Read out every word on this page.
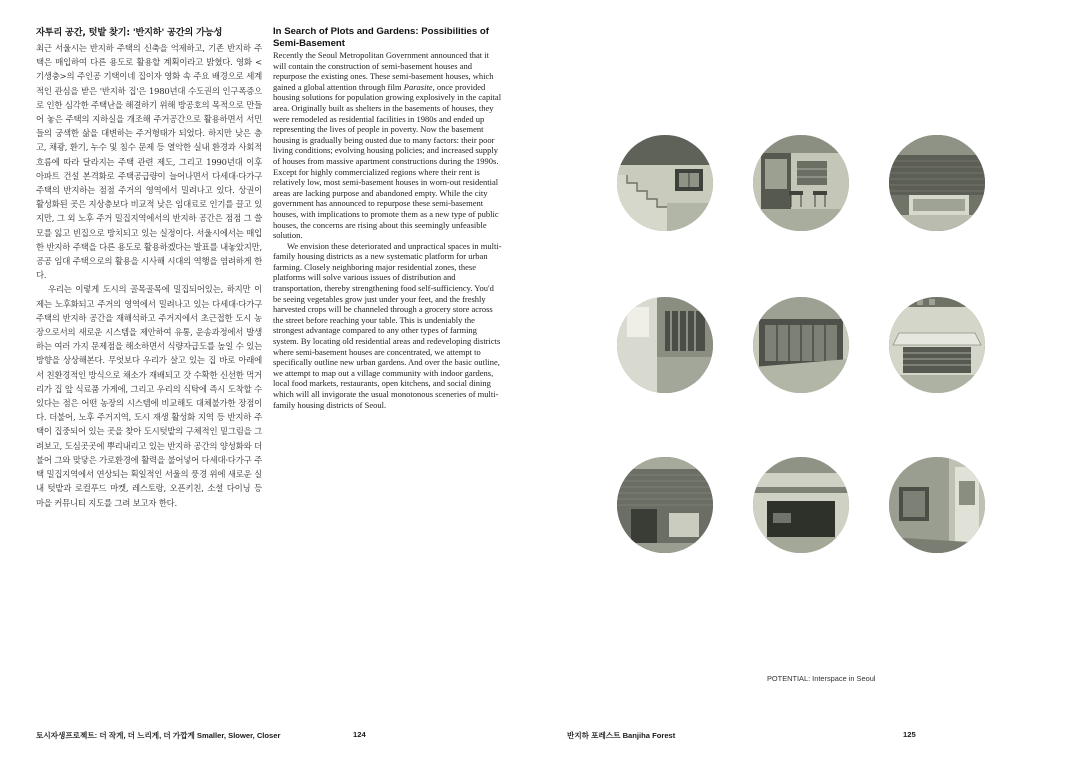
자투리 공간, 텃밭 찾기: '반지하' 공간의 가능성

최근 서울시는 반지하 주택의 신축을 억제하고, 기존 반지하 주택은 매입하여 다른 용도로 활용할 계획이라고 밝혔다. 영화 <기생충>의 주인공 기택이네 집이자 영화 속 주요 배경으로 세계적인 관심을 받은 '반지하 집'은 1980년대 수도권의 인구폭증으로 인한 심각한 주택난을 해결하기 위해 방공호의 목적으로 만들어 놓은 주택의 지하실을 개조해 주거공간으로 활용하면서 서민들의 궁색한 삶을 대변하는 주거형태가 되었다. 하지만 낮은 층고, 채광, 환기, 누수 및 침수 문제 등 열악한 실내 환경과 사회적 흐름에 따라 달라지는 주택 관련 제도, 그리고 1990년대 이후 아파트 건설 본격화로 주택공급량이 늘어나면서 다세대·다가구 주택의 반지하는 점점 주거의 영역에서 밀려나고 있다. 상권이 활성화된 곳은 지상층보다 비교적 낮은 임대료로 인기를 끌고 있지만, 그 외 노후 주거 밀집지역에서의 반지하 공간은 점점 그 쓸모를 잃고 빈집으로 방치되고 있는 실정이다. 서울시에서는 매입한 반지하 주택을 다른 용도로 활용하겠다는 발표를 내놓았지만, 공공 임대 주택으로의 활용을 시사해 시대의 역행을 염려하게 한다.

우리는 이렇게 도시의 골목골목에 밀집되어있는, 하지만 이제는 노후화되고 주거의 영역에서 밀려나고 있는 다세대·다가구 주택의 반지하 공간을 재해석하고 주거지에서 초근접한 도시 농장으로서의 새로운 시스템을 제안하여 유통, 운송과정에서 발생하는 여러 가지 문제점을 해소하면서 식량자급도를 높일 수 있는 방향을 상상해본다. 무엇보다 우리가 살고 있는 집 바로 아래에서 친환경적인 방식으로 채소가 재배되고 갓 수확한 신선한 먹거리가 집 앞 식료품 가게에, 그리고 우리의 식탁에 즉시 도착할 수 있다는 점은 어떤 농장의 시스템에 비교해도 대체불가한 장점이다. 더불어, 노후 주거지역, 도시 재생 활성화 지역 등 반지하 주택이 집중되어 있는 곳을 찾아 도시텃밭의 구체적인 밑그림을 그려보고, 도심곳곳에 뿌리내리고 있는 반지하 공간의 양성화와 더불어 그와 맞닿은 가로환경에 활력을 불어넣어 다세대·다가구 주택 밀집지역에서 연상되는 획일적인 서울의 풍경 위에 새로운 실내 텃밭과 로컬푸드 마켓, 레스토랑, 오픈키친, 소셜 다이닝 등 마을 커뮤니티 지도를 그려 보고자 한다.

In Search of Plots and Gardens: Possibilities of Semi-Basement

Recently the Seoul Metropolitan Government announced that it will contain the construction of semi-basement houses and repurpose the existing ones. These semi-basement houses, which gained a global attention through film Parasite, once provided housing solutions for population growing explosively in the capital area. Originally built as shelters in the basements of houses, they were remodeled as residential facilities in 1980s and ended up representing the lives of people in poverty. Now the basement housing is gradually being ousted due to many factors: their poor living conditions; evolving housing policies; and increased supply of houses from massive apartment constructions during the 1990s. Except for highly commercialized regions where their rent is relatively low, most semi-basement houses in worn-out residential areas are lacking purpose and abandoned empty. While the city government has announced to repurpose these semi-basement houses, with implications to promote them as a new type of public houses, the concerns are rising about this seemingly unfeasible solution.

We envision these deteriorated and unpractical spaces in multi-family housing districts as a new systematic platform for urban farming. Closely neighboring major residential zones, these platforms will solve various issues of distribution and transportation, thereby strengthening food self-sufficiency. You'd be seeing vegetables grow just under your feet, and the freshly harvested crops will be channeled through a grocery store across the street before reaching your table. This is undeniably the strongest advantage compared to any other types of farming system. By locating old residential areas and redeveloping districts where semi-basement houses are concentrated, we attempt to specifically outline new urban gardens. And over the basic outline, we attempt to map out a village community with indoor gardens, local food markets, restaurants, open kitchens, and social dining which will all invigorate the usual monotonous sceneries of multi-family housing districts of Seoul.

POTENTIAL: Interspace in Seoul
토시자생프로젝트: 더 작게, 더 느리게, 더 가깝게 Smaller, Slower, Closer	124	반지하 포레스트 Banjiha Forest	125
